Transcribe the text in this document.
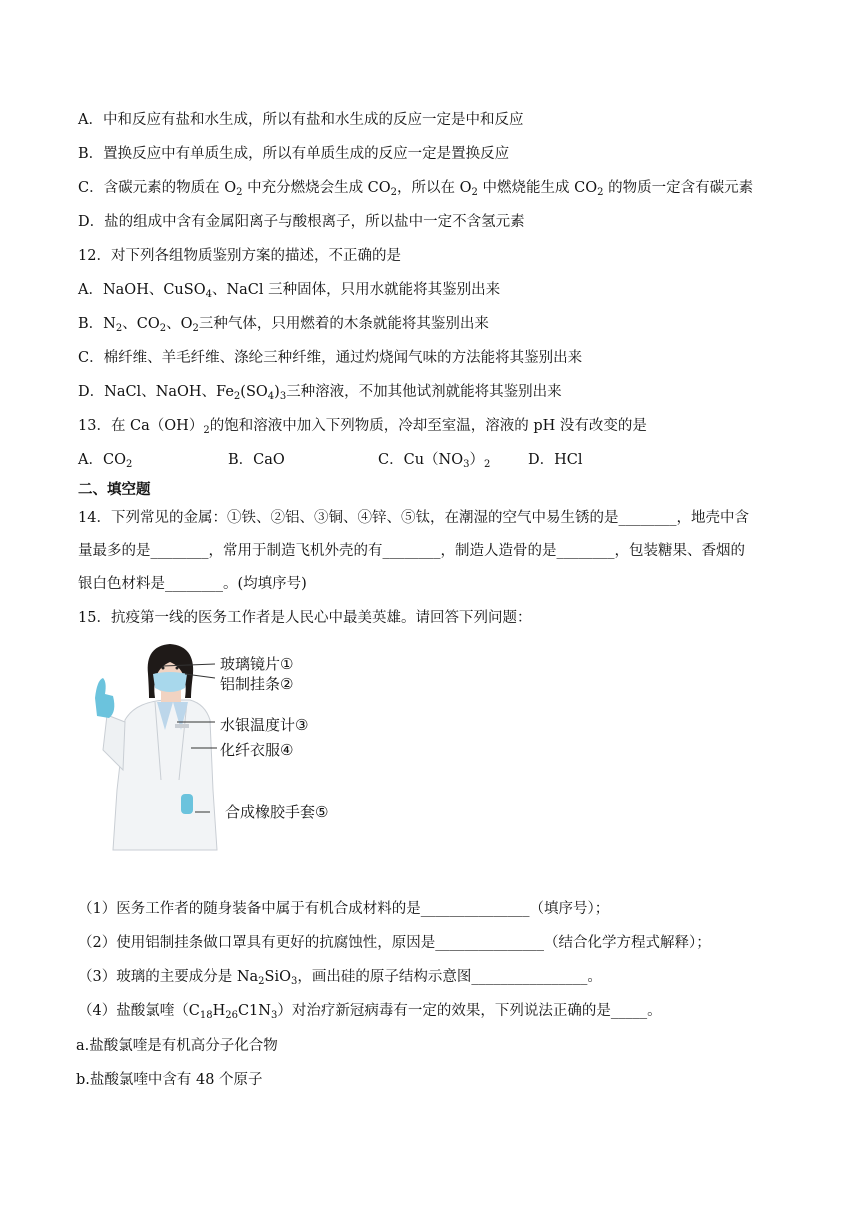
A．中和反应有盐和水生成，所以有盐和水生成的反应一定是中和反应
B．置换反应中有单质生成，所以有单质生成的反应一定是置换反应
C．含碳元素的物质在 $O_2$ 中充分燃烧会生成 $CO_2$，所以在 $O_2$ 中燃烧能生成 $CO_2$ 的物质一定含有碳元素
D．盐的组成中含有金属阳离子与酸根离子，所以盐中一定不含氢元素
12．对下列各组物质鉴别方案的描述，不正确的是
A．NaOH、CuSO$_4$、NaCl 三种固体，只用水就能将其鉴别出来
B．$N_2$、$CO_2$、$O_2$三种气体，只用燃着的木条就能将其鉴别出来
C．棉纤维、羊毛纤维、涤纶三种纤维，通过灼烧闻气味的方法能将其鉴别出来
D．NaCl、NaOH、$Fe_2(SO_4)_3$三种溶液，不加其他试剂就能将其鉴别出来
13．在 $Ca(OH)_2$的饱和溶液中加入下列物质，冷却至室温，溶液的 pH 没有改变的是
A．$CO_2$	B．CaO	C．$Cu(NO_3)_2$	D．HCl
二、填空题
14．下列常见的金属：①铁、②铝、③铜、④锌、⑤钛，在潮湿的空气中易生锈的是________，地壳中含
量最多的是________，常用于制造飞机外壳的有________，制造人造骨的是________，包装糖果、香烟的
银白色材料是________。(均填序号)
15．抗疫第一线的医务工作者是人民心中最美英雄。请回答下列问题：
玻璃镜片①
铝制挂条②
水银温度计③
化纤衣服④
合成橡胶手套⑤
（1）医务工作者的随身装备中属于有机合成材料的是_______________（填序号）；
（2）使用铝制挂条做口罩具有更好的抗腐蚀性，原因是_______________（结合化学方程式解释）；
（3）玻璃的主要成分是 $Na_2SiO_3$，画出硅的原子结构示意图________________。
（4）盐酸氯喹$(C_{18}H_{26}C1N_3)$对治疗新冠病毒有一定的效果，下列说法正确的是_____。
a.盐酸氯喹是有机高分子化合物
b.盐酸氯喹中含有 48 个原子
